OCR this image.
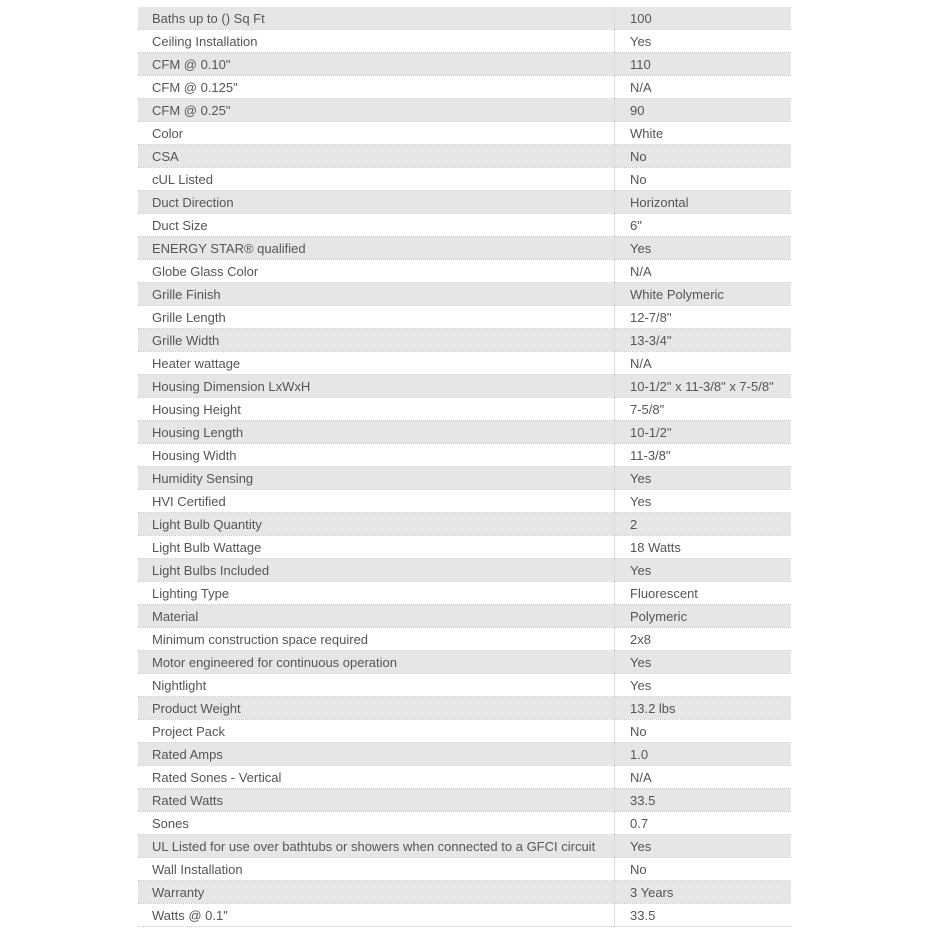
Baths up to () Sq Ft	100
Ceiling Installation	Yes
CFM @ 0.10"	110
CFM @ 0.125"	N/A
CFM @ 0.25"	90
Color	White
CSA	No
cUL Listed	No
Duct Direction	Horizontal
Duct Size	6"
ENERGY STAR® qualified	Yes
Globe Glass Color	N/A
Grille Finish	White Polymeric
Grille Length	12-7/8"
Grille Width	13-3/4"
Heater wattage	N/A
Housing Dimension LxWxH	10-1/2" x 11-3/8" x 7-5/8"
Housing Height	7-5/8"
Housing Length	10-1/2"
Housing Width	11-3/8"
Humidity Sensing	Yes
HVI Certified	Yes
Light Bulb Quantity	2
Light Bulb Wattage	18 Watts
Light Bulbs Included	Yes
Lighting Type	Fluorescent
Material	Polymeric
Minimum construction space required	2x8
Motor engineered for continuous operation	Yes
Nightlight	Yes
Product Weight	13.2 lbs
Project Pack	No
Rated Amps	1.0
Rated Sones - Vertical	N/A
Rated Watts	33.5
Sones	0.7
UL Listed for use over bathtubs or showers when connected to a GFCI circuit	Yes
Wall Installation	No
Warranty	3 Years
Watts @ 0.1"	33.5
